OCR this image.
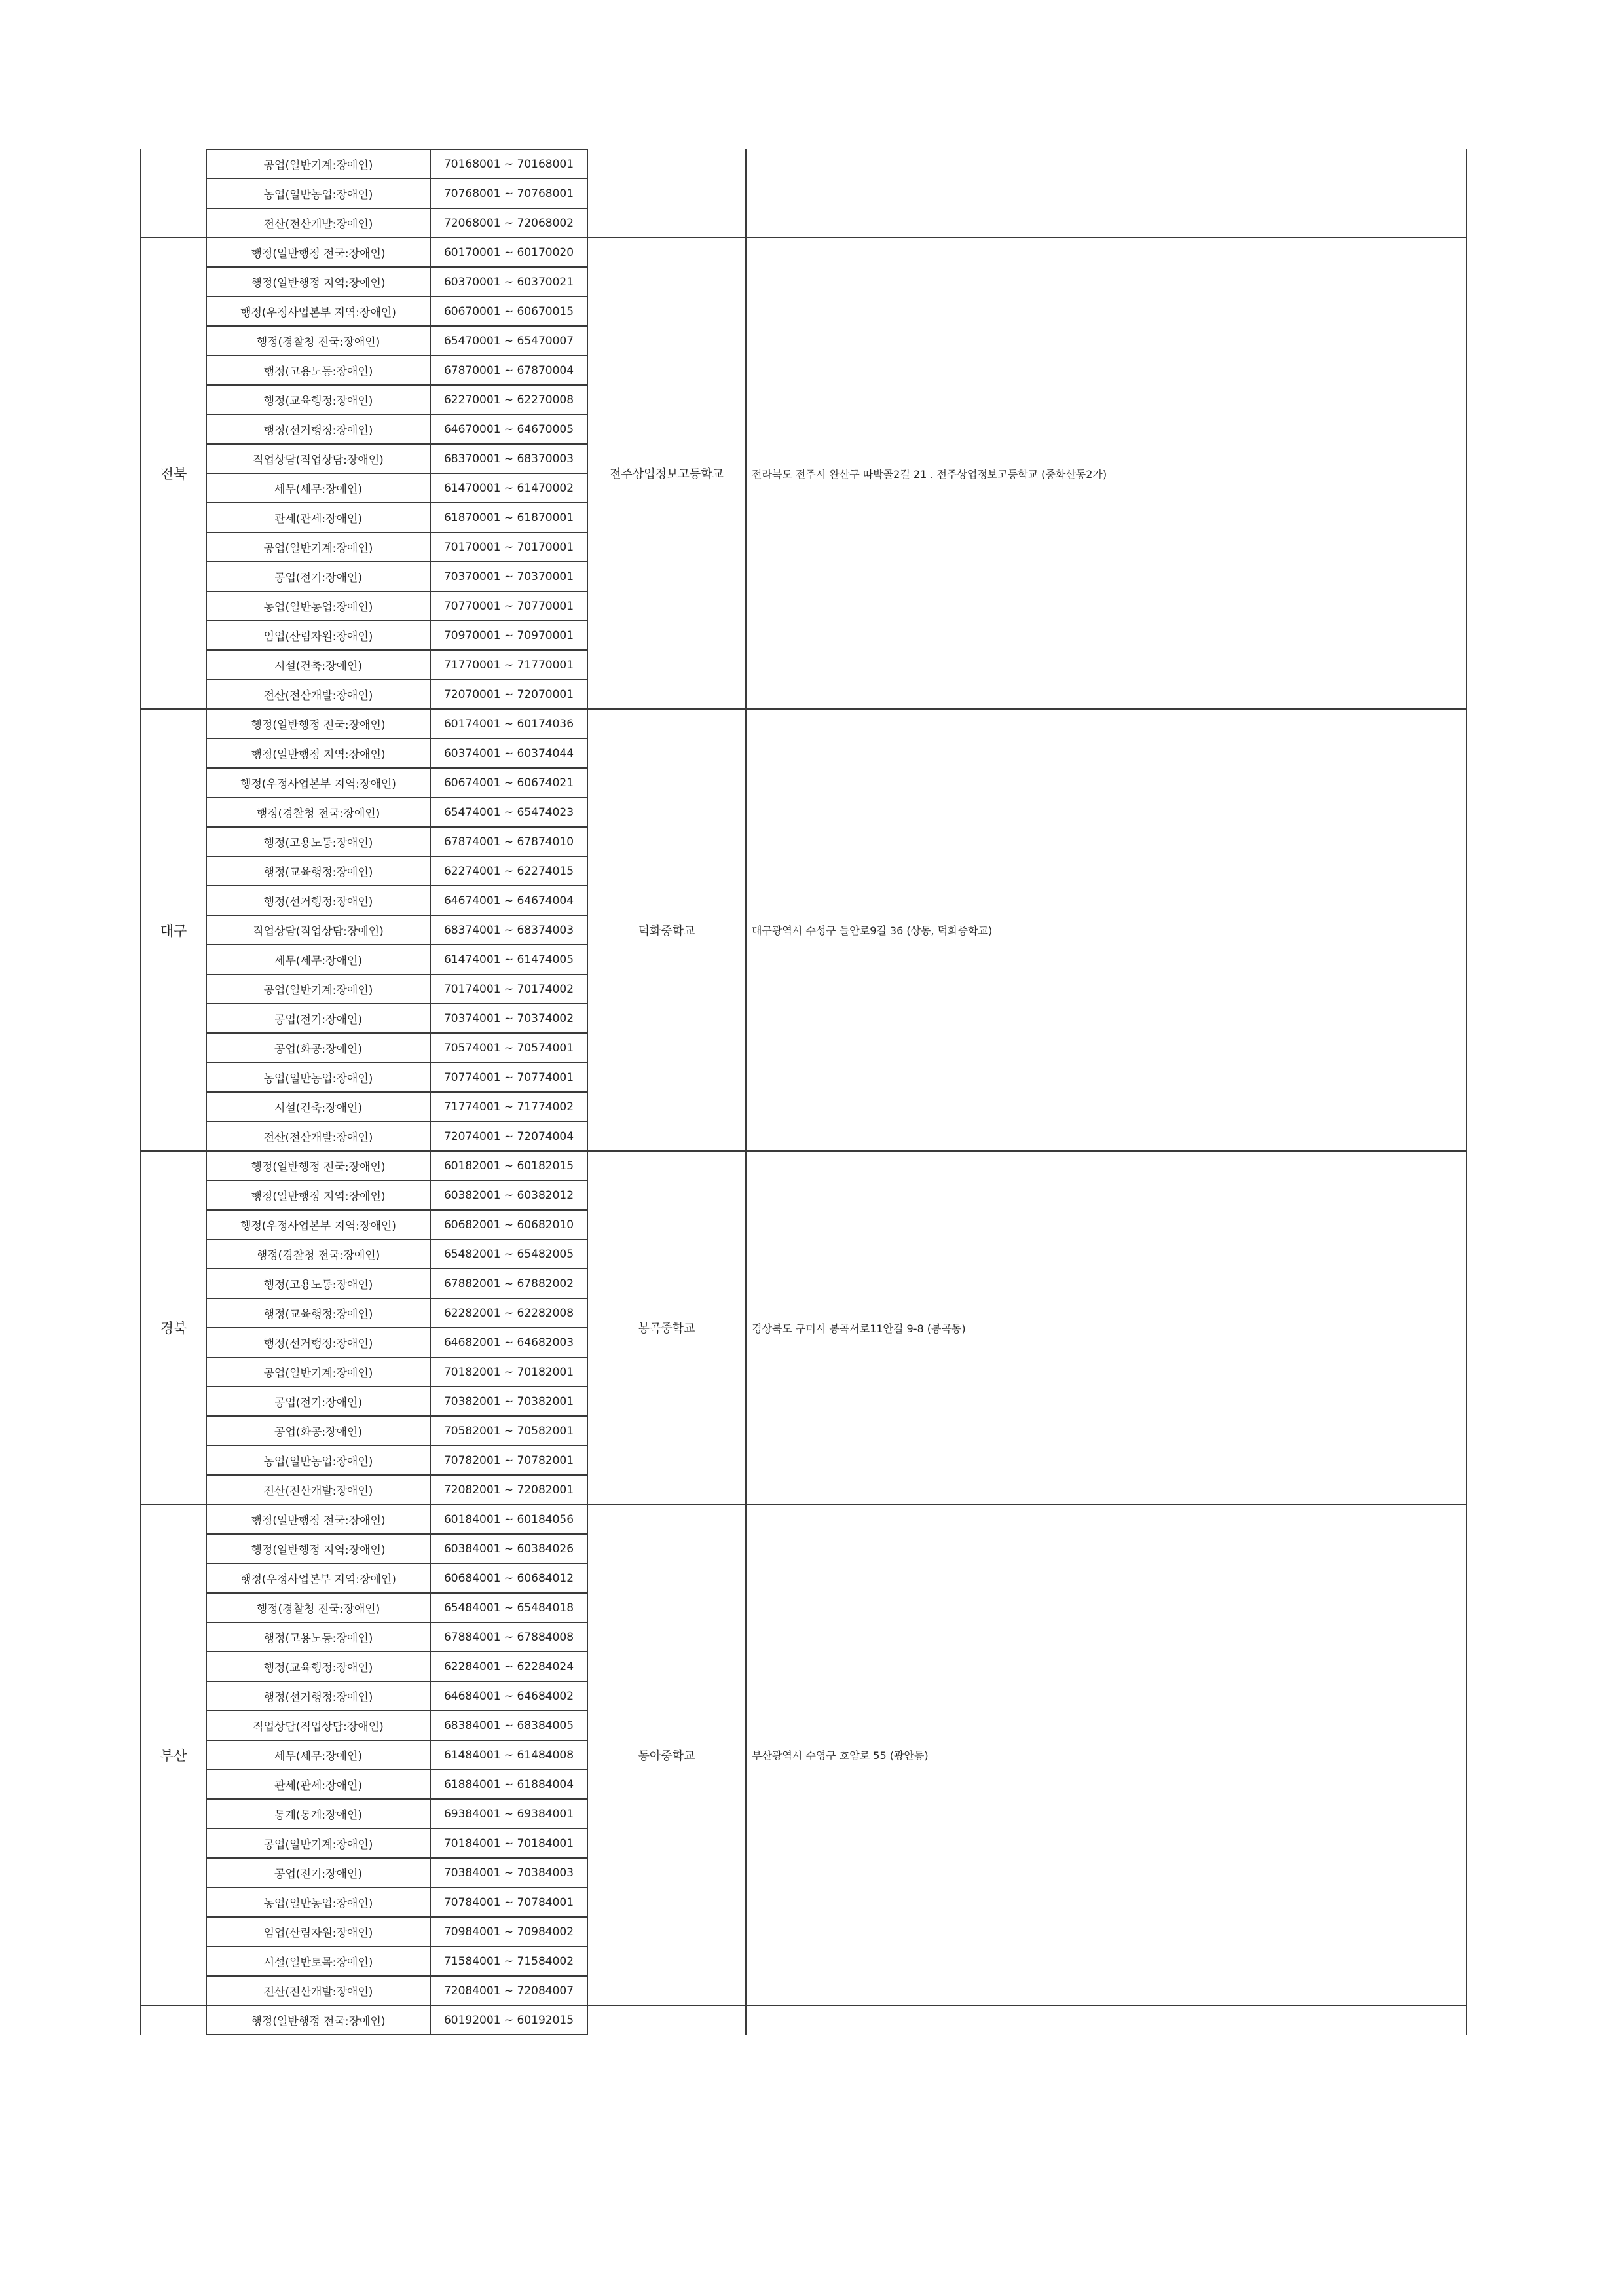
	공업(일반기계:장애인)	70168001 ~ 70168001		
	농업(일반농업:장애인)	70768001 ~ 70768001		
	전산(전산개발:장애인)	72068001 ~ 72068002		
전북	행정(일반행정 전국:장애인)	60170001 ~ 60170020	전주상업정보고등학교	전라북도 전주시 완산구 따박골2길 21 . 전주상업정보고등학교 (중화산동2가)
	행정(일반행정 지역:장애인)	60370001 ~ 60370021		
	행정(우정사업본부 지역:장애인)	60670001 ~ 60670015		
	행정(경찰청 전국:장애인)	65470001 ~ 65470007		
	행정(고용노동:장애인)	67870001 ~ 67870004		
	행정(교육행정:장애인)	62270001 ~ 62270008		
	행정(선거행정:장애인)	64670001 ~ 64670005		
	직업상담(직업상담:장애인)	68370001 ~ 68370003		
	세무(세무:장애인)	61470001 ~ 61470002		
	관세(관세:장애인)	61870001 ~ 61870001		
	공업(일반기계:장애인)	70170001 ~ 70170001		
	공업(전기:장애인)	70370001 ~ 70370001		
	농업(일반농업:장애인)	70770001 ~ 70770001		
	임업(산림자원:장애인)	70970001 ~ 70970001		
	시설(건축:장애인)	71770001 ~ 71770001		
	전산(전산개발:장애인)	72070001 ~ 72070001		
대구	행정(일반행정 전국:장애인)	60174001 ~ 60174036	덕화중학교	대구광역시 수성구 들안로9길 36 (상동, 덕화중학교)
	행정(일반행정 지역:장애인)	60374001 ~ 60374044		
	행정(우정사업본부 지역:장애인)	60674001 ~ 60674021		
	행정(경찰청 전국:장애인)	65474001 ~ 65474023		
	행정(고용노동:장애인)	67874001 ~ 67874010		
	행정(교육행정:장애인)	62274001 ~ 62274015		
	행정(선거행정:장애인)	64674001 ~ 64674004		
	직업상담(직업상담:장애인)	68374001 ~ 68374003		
	세무(세무:장애인)	61474001 ~ 61474005		
	공업(일반기계:장애인)	70174001 ~ 70174002		
	공업(전기:장애인)	70374001 ~ 70374002		
	공업(화공:장애인)	70574001 ~ 70574001		
	농업(일반농업:장애인)	70774001 ~ 70774001		
	시설(건축:장애인)	71774001 ~ 71774002		
	전산(전산개발:장애인)	72074001 ~ 72074004		
경북	행정(일반행정 전국:장애인)	60182001 ~ 60182015	봉곡중학교	경상북도 구미시 봉곡서로11안길 9-8 (봉곡동)
	행정(일반행정 지역:장애인)	60382001 ~ 60382012		
	행정(우정사업본부 지역:장애인)	60682001 ~ 60682010		
	행정(경찰청 전국:장애인)	65482001 ~ 65482005		
	행정(고용노동:장애인)	67882001 ~ 67882002		
	행정(교육행정:장애인)	62282001 ~ 62282008		
	행정(선거행정:장애인)	64682001 ~ 64682003		
	공업(일반기계:장애인)	70182001 ~ 70182001		
	공업(전기:장애인)	70382001 ~ 70382001		
	공업(화공:장애인)	70582001 ~ 70582001		
	농업(일반농업:장애인)	70782001 ~ 70782001		
	전산(전산개발:장애인)	72082001 ~ 72082001		
부산	행정(일반행정 전국:장애인)	60184001 ~ 60184056	동아중학교	부산광역시 수영구 호암로 55 (광안동)
	행정(일반행정 지역:장애인)	60384001 ~ 60384026		
	행정(우정사업본부 지역:장애인)	60684001 ~ 60684012		
	행정(경찰청 전국:장애인)	65484001 ~ 65484018		
	행정(고용노동:장애인)	67884001 ~ 67884008		
	행정(교육행정:장애인)	62284001 ~ 62284024		
	행정(선거행정:장애인)	64684001 ~ 64684002		
	직업상담(직업상담:장애인)	68384001 ~ 68384005		
	세무(세무:장애인)	61484001 ~ 61484008		
	관세(관세:장애인)	61884001 ~ 61884004		
	통계(통계:장애인)	69384001 ~ 69384001		
	공업(일반기계:장애인)	70184001 ~ 70184001		
	공업(전기:장애인)	70384001 ~ 70384003		
	농업(일반농업:장애인)	70784001 ~ 70784001		
	임업(산림자원:장애인)	70984001 ~ 70984002		
	시설(일반토목:장애인)	71584001 ~ 71584002		
	전산(전산개발:장애인)	72084001 ~ 72084007		
	행정(일반행정 전국:장애인)	60192001 ~ 60192015		
